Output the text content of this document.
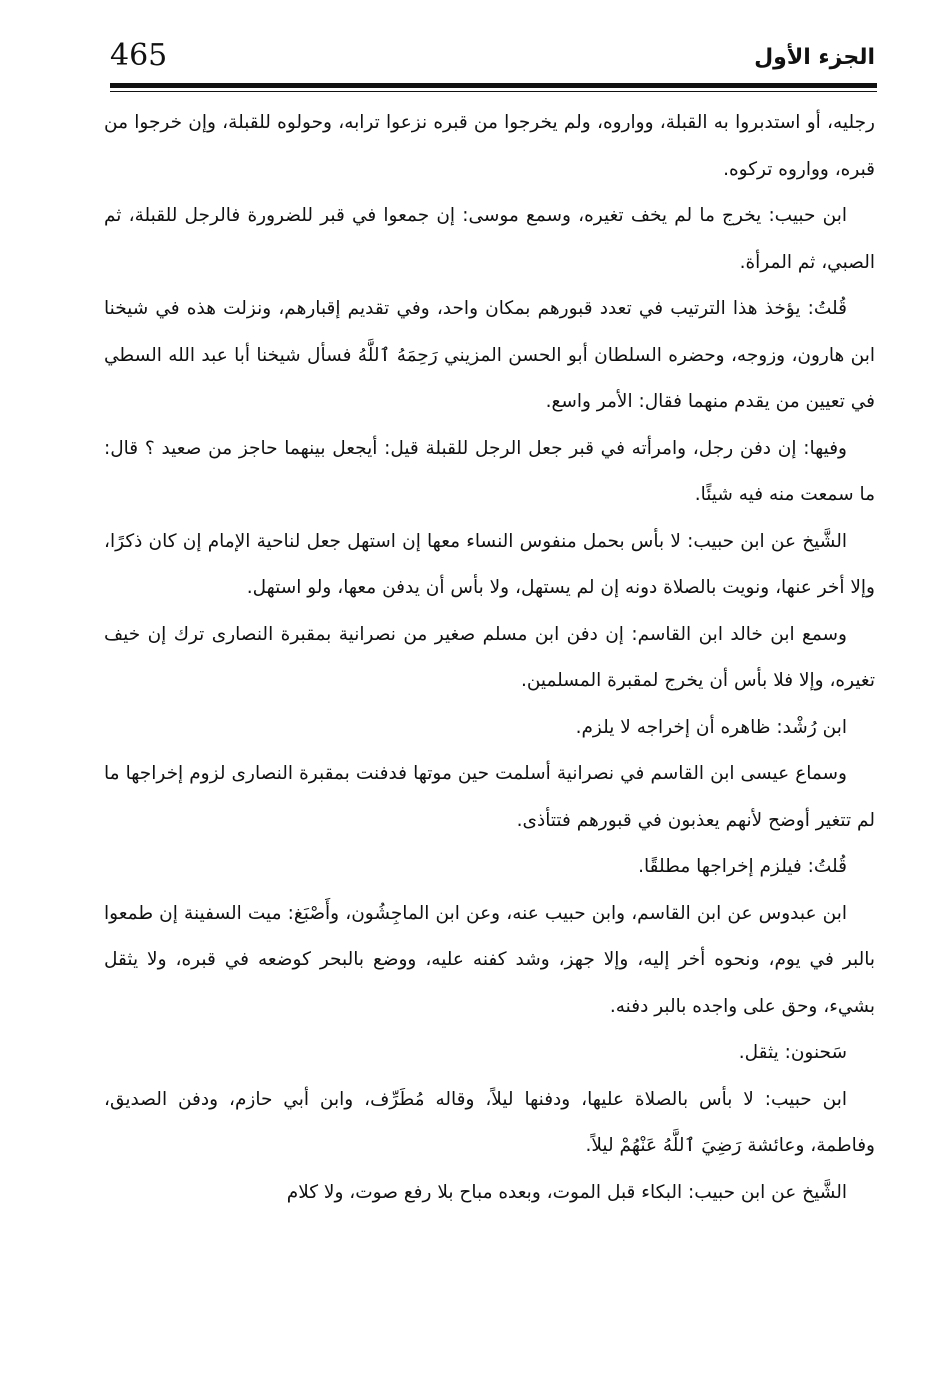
465	الجزء الأول

رجليه، أو استدبروا به القبلة، وواروه، ولم يخرجوا من قبره نزعوا ترابه، وحولوه للقبلة، وإن خرجوا من قبره، وواروه تركوه.

ابن حبيب: يخرج ما لم يخف تغيره، وسمع موسى: إن جمعوا في قبر للضرورة فالرجل للقبلة، ثم الصبي، ثم المرأة.

قُلتُ: يؤخذ هذا الترتيب في تعدد قبورهم بمكان واحد، وفي تقديم إقبارهم، ونزلت هذه في شيخنا ابن هارون، وزوجه، وحضره السلطان أبو الحسن المزيني رَحِمَهُ ٱللَّهُ فسأل شيخنا أبا عبد الله السطي في تعيين من يقدم منهما فقال: الأمر واسع.

وفيها: إن دفن رجل، وامرأته في قبر جعل الرجل للقبلة قيل: أيجعل بينهما حاجز من صعيد ؟ قال: ما سمعت منه فيه شيئًا.

الشَّيخ عن ابن حبيب: لا بأس بحمل منفوس النساء معها إن استهل جعل لناحية الإمام إن كان ذكرًا، وإلا أخر عنها، ونويت بالصلاة دونه إن لم يستهل، ولا بأس أن يدفن معها، ولو استهل.

وسمع ابن خالد ابن القاسم: إن دفن ابن مسلم صغير من نصرانية بمقبرة النصارى ترك إن خيف تغيره، وإلا فلا بأس أن يخرج لمقبرة المسلمين.

ابن رُشْد: ظاهره أن إخراجه لا يلزم.

وسماع عيسى ابن القاسم في نصرانية أسلمت حين موتها فدفنت بمقبرة النصارى لزوم إخراجها ما لم تتغير أوضح لأنهم يعذبون في قبورهم فتتأذى.

قُلتُ: فيلزم إخراجها مطلقًا.

ابن عبدوس عن ابن القاسم، وابن حبيب عنه، وعن ابن الماجِشُون، وأَصْبَغ: ميت السفينة إن طمعوا بالبر في يوم، ونحوه أخر إليه، وإلا جهز، وشد كفنه عليه، ووضع بالبحر كوضعه في قبره، ولا يثقل بشيء، وحق على واجده بالبر دفنه.

سَحنون: يثقل.

ابن حبيب: لا بأس بالصلاة عليها، ودفنها ليلاً، وقاله مُطَرِّف، وابن أبي حازم، ودفن الصديق، وفاطمة، وعائشة رَضِيَ ٱللَّهُ عَنْهُمْ ليلاً.

الشَّيخ عن ابن حبيب: البكاء قبل الموت، وبعده مباح بلا رفع صوت، ولا كلام
